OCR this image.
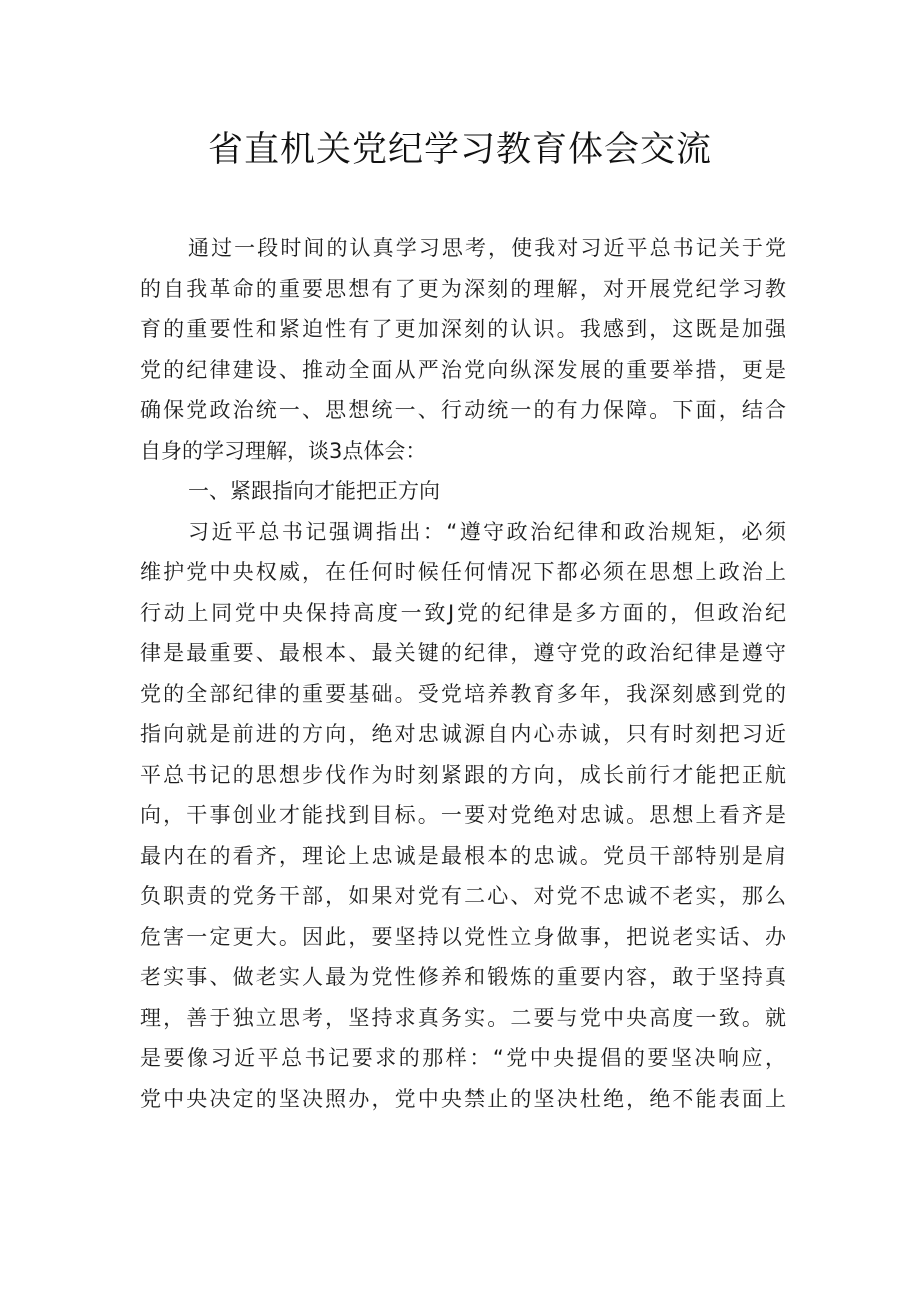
省直机关党纪学习教育体会交流
通过一段时间的认真学习思考，使我对习近平总书记关于党
的自我革命的重要思想有了更为深刻的理解，对开展党纪学习教
育的重要性和紧迫性有了更加深刻的认识。我感到，这既是加强
党的纪律建设、推动全面从严治党向纵深发展的重要举措，更是
确保党政治统一、思想统一、行动统一的有力保障。下面，结合
自身的学习理解，谈3点体会：
一、紧跟指向才能把正方向
习近平总书记强调指出：“遵守政治纪律和政治规矩，必须
维护党中央权威，在任何时候任何情况下都必须在思想上政治上
行动上同党中央保持高度一致J党的纪律是多方面的，但政治纪
律是最重要、最根本、最关键的纪律，遵守党的政治纪律是遵守
党的全部纪律的重要基础。受党培养教育多年，我深刻感到党的
指向就是前进的方向，绝对忠诚源自内心赤诚，只有时刻把习近
平总书记的思想步伐作为时刻紧跟的方向，成长前行才能把正航
向，干事创业才能找到目标。一要对党绝对忠诚。思想上看齐是
最内在的看齐，理论上忠诚是最根本的忠诚。党员干部特别是肩
负职责的党务干部，如果对党有二心、对党不忠诚不老实，那么
危害一定更大。因此，要坚持以党性立身做事，把说老实话、办
老实事、做老实人最为党性修养和锻炼的重要内容，敢于坚持真
理，善于独立思考，坚持求真务实。二要与党中央高度一致。就
是要像习近平总书记要求的那样：“党中央提倡的要坚决响应，
党中央决定的坚决照办，党中央禁止的坚决杜绝，绝不能表面上
